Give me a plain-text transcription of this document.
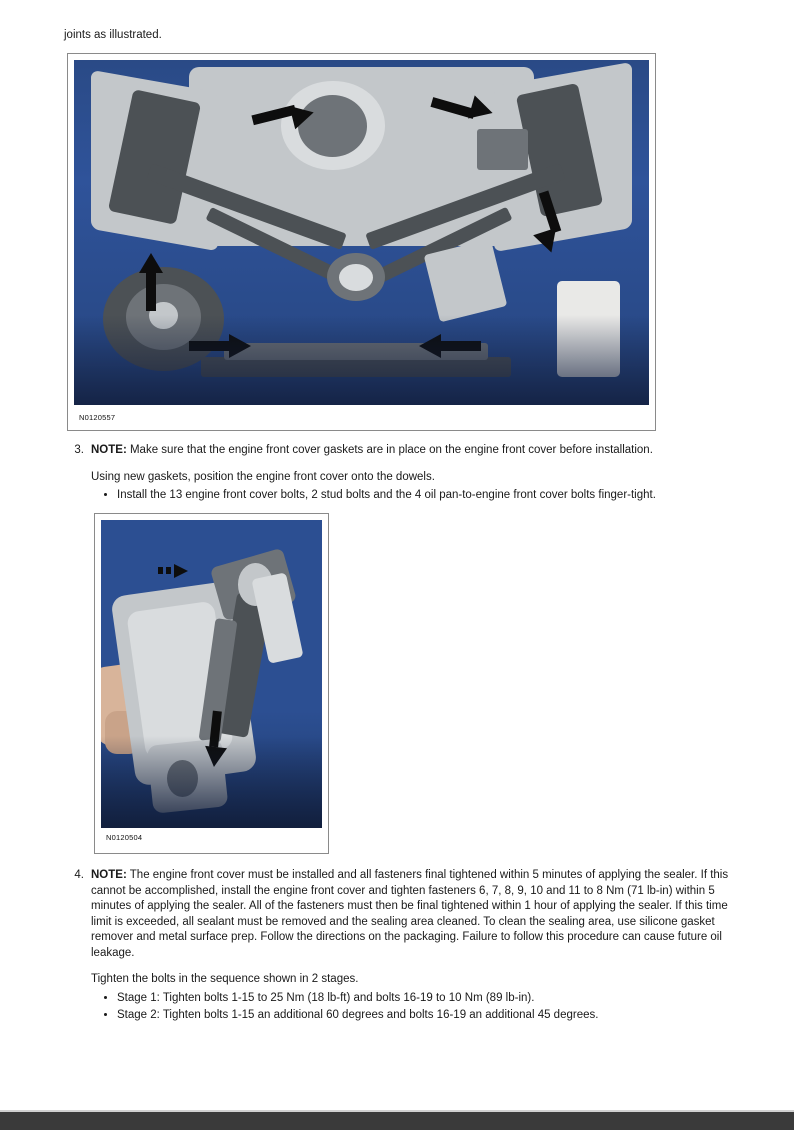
joints as illustrated.
N0120557
3. NOTE: Make sure that the engine front cover gaskets are in place on the engine front cover before installation.

Using new gaskets, position the engine front cover onto the dowels.

• Install the 13 engine front cover bolts, 2 stud bolts and the 4 oil pan-to-engine front cover bolts finger-tight.
N0120504
4. NOTE: The engine front cover must be installed and all fasteners final tightened within 5 minutes of applying the sealer. If this cannot be accomplished, install the engine front cover and tighten fasteners 6, 7, 8, 9, 10 and 11 to 8 Nm (71 lb-in) within 5 minutes of applying the sealer. All of the fasteners must then be final tightened within 1 hour of applying the sealer. If this time limit is exceeded, all sealant must be removed and the sealing area cleaned. To clean the sealing area, use silicone gasket remover and metal surface prep. Follow the directions on the packaging. Failure to follow this procedure can cause future oil leakage.

Tighten the bolts in the sequence shown in 2 stages.

• Stage 1: Tighten bolts 1-15 to 25 Nm (18 lb-ft) and bolts 16-19 to 10 Nm (89 lb-in).
• Stage 2: Tighten bolts 1-15 an additional 60 degrees and bolts 16-19 an additional 45 degrees.
